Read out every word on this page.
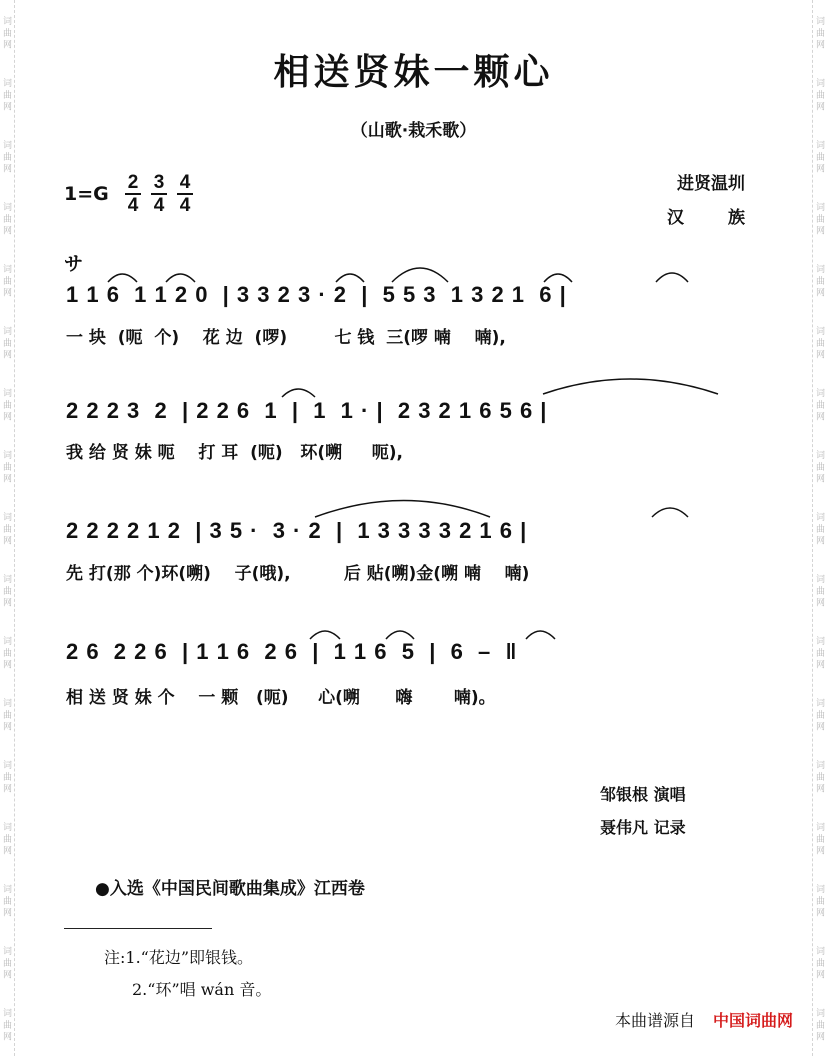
词 曲 网
词 曲 网
词 曲 网
词 曲 网
词 曲 网
词 曲 网
词 曲 网
词 曲 网
词 曲 网
词 曲 网
词 曲 网
词 曲 网
词 曲 网
词 曲 网
词 曲 网
词 曲 网
词 曲 网
词 曲 网
词 曲 网
词 曲 网
词 曲 网
词 曲 网
词 曲 网
词 曲 网
词 曲 网
词 曲 网
词 曲 网
词 曲 网
词 曲 网
词 曲 网
词 曲 网
词 曲 网
词 曲 网
词 曲 网
相送贤妹一颗心
（山歌·栽禾歌）
1=G
2
4
3
4
4
4
进贤温圳
汉族
サ
1 1 6  1 1 2 0  | 3 3 2 3 · 2  |  5 5 3  1 3 2 1  6 |
一 块  (呃  个)    花 边  (啰)        七 钱  三(啰 喃    喃),
2 2 2 3  2  | 2 2 6  1  |  1  1 · |  2 3 2 1 6 5 6 |
我 给 贤 妹 呃    打 耳  (呃)   环(嗍     呃),
2 2 2 2 1 2  | 3 5 ·  3 · 2  |  1 3 3 3 3 2 1 6 |
先 打(那 个)环(嗍)    子(哦),         后 贴(嗍)金(嗍 喃    喃)
2 6  2 2 6  | 1 1 6  2 6  |  1 1 6  5  |  6  –  ‖
相 送 贤 妹 个    一 颗   (呃)     心(嗍      嗨       喃)。
邹银根 演唱
聂伟凡 记录
●入选《中国民间歌曲集成》江西卷
注:1.“花边”即银钱。
2.“环”唱 wán 音。
本曲谱源自 中国词曲网
